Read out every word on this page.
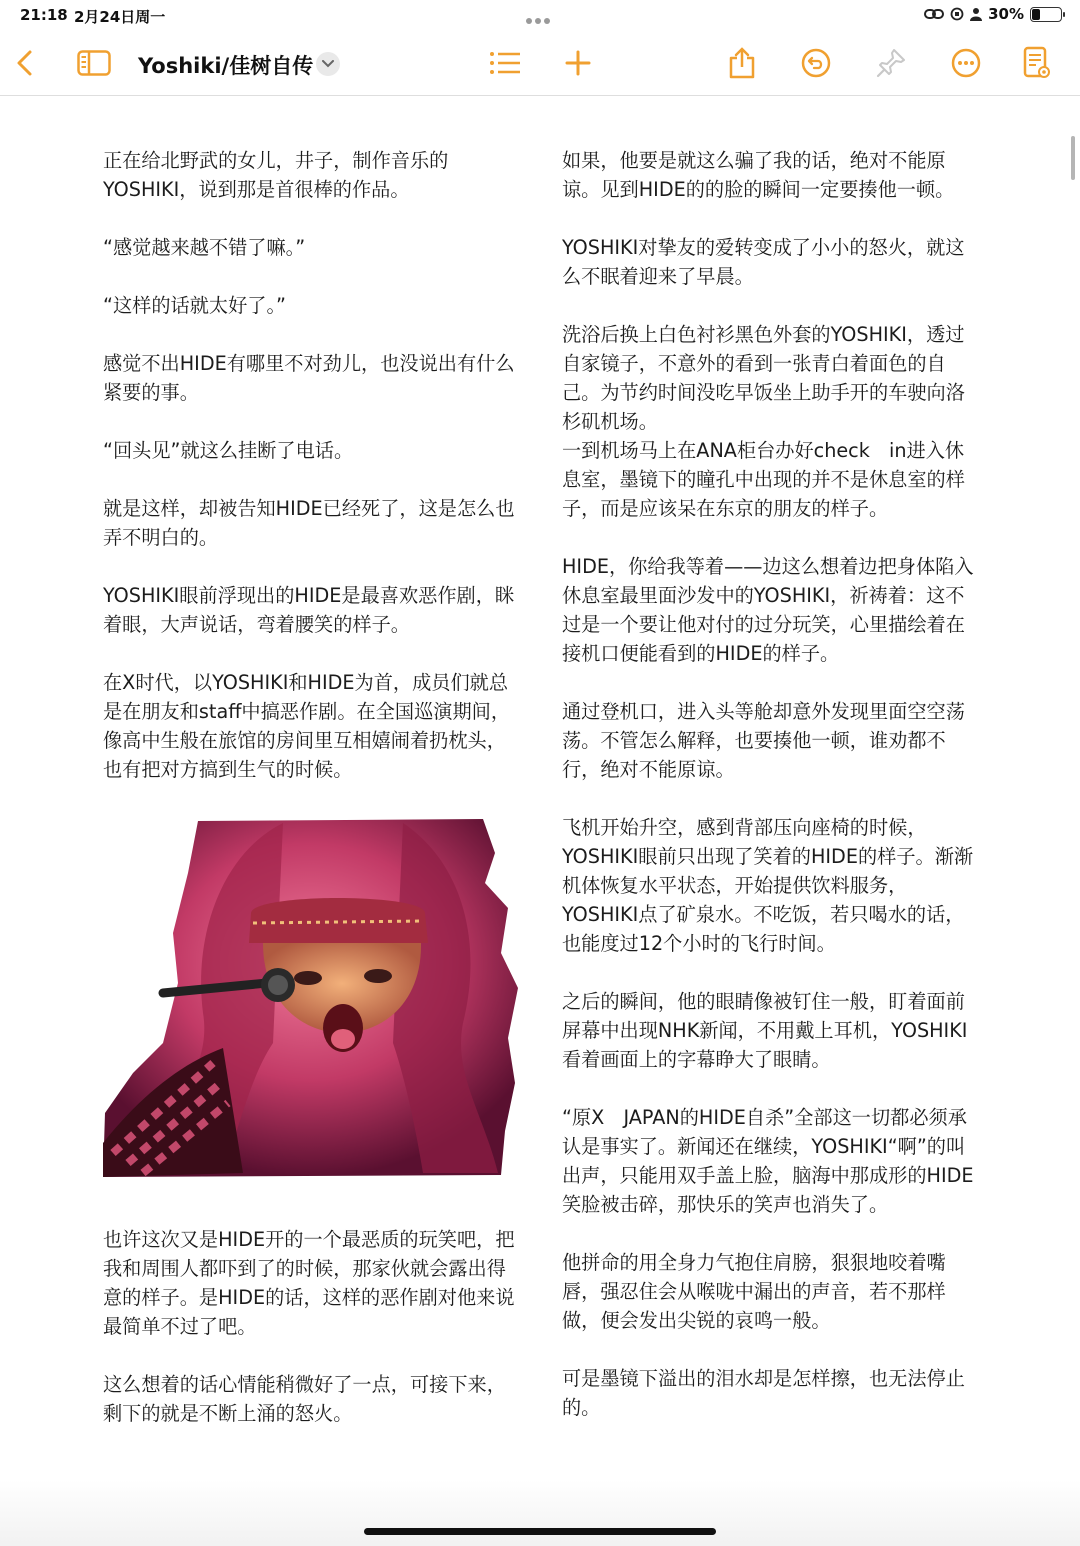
21:18 2月24日周一	30%
Yoshiki/佳树自传

正在给北野武的女儿，井子，制作音乐的YOSHIKI，说到那是首很棒的作品。

“感觉越来越不错了嘛。”

“这样的话就太好了。”

感觉不出HIDE有哪里不对劲儿，也没说出有什么紧要的事。

“回头见”就这么挂断了电话。

就是这样，却被告知HIDE已经死了，这是怎么也弄不明白的。

YOSHIKI眼前浮现出的HIDE是最喜欢恶作剧，眯着眼，大声说话，弯着腰笑的样子。

在X时代，以YOSHIKI和HIDE为首，成员们就总是在朋友和staff中搞恶作剧。在全国巡演期间，像高中生般在旅馆的房间里互相嬉闹着扔枕头，也有把对方搞到生气的时候。

也许这次又是HIDE开的一个最恶质的玩笑吧，把我和周围人都吓到了的时候，那家伙就会露出得意的样子。是HIDE的话，这样的恶作剧对他来说最简单不过了吧。

这么想着的话心情能稍微好了一点，可接下来，剩下的就是不断上涌的怒火。

如果，他要是就这么骗了我的话，绝对不能原谅。见到HIDE的的脸的瞬间一定要揍他一顿。

YOSHIKI对挚友的爱转变成了小小的怒火，就这么不眠着迎来了早晨。

洗浴后换上白色衬衫黑色外套的YOSHIKI，透过自家镜子，不意外的看到一张青白着面色的自己。为节约时间没吃早饭坐上助手开的车驶向洛杉矶机场。
一到机场马上在ANA柜台办好check　in进入休息室，墨镜下的瞳孔中出现的并不是休息室的样子，而是应该呆在东京的朋友的样子。

HIDE，你给我等着——边这么想着边把身体陷入休息室最里面沙发中的YOSHIKI，祈祷着：这不过是一个要让他对付的过分玩笑，心里描绘着在接机口便能看到的HIDE的样子。

通过登机口，进入头等舱却意外发现里面空空荡荡。不管怎么解释，也要揍他一顿，谁劝都不行，绝对不能原谅。

飞机开始升空，感到背部压向座椅的时候，YOSHIKI眼前只出现了笑着的HIDE的样子。渐渐机体恢复水平状态，开始提供饮料服务，YOSHIKI点了矿泉水。不吃饭，若只喝水的话，也能度过12个小时的飞行时间。

之后的瞬间，他的眼睛像被钉住一般，盯着面前屏幕中出现NHK新闻，不用戴上耳机，YOSHIKI看着画面上的字幕睁大了眼睛。

“原X　JAPAN的HIDE自杀”全部这一切都必须承认是事实了。新闻还在继续，YOSHIKI“啊”的叫出声，只能用双手盖上脸，脑海中那成形的HIDE笑脸被击碎，那快乐的笑声也消失了。

他拼命的用全身力气抱住肩膀，狠狠地咬着嘴唇，强忍住会从喉咙中漏出的声音，若不那样做，便会发出尖锐的哀鸣一般。

可是墨镜下溢出的泪水却是怎样擦，也无法停止的。
